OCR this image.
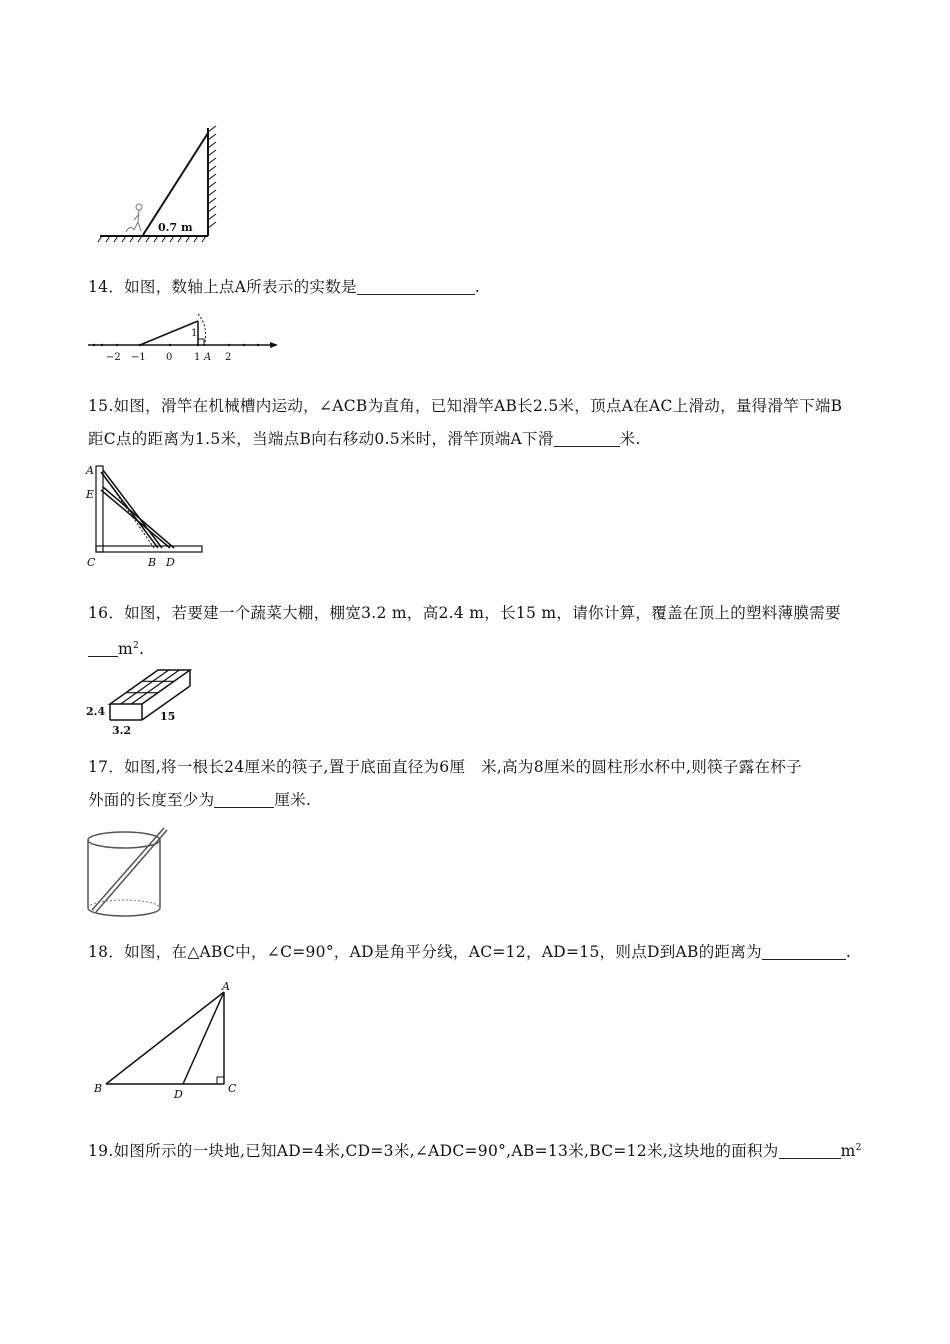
0.7 m

14．如图，数轴上点A所表示的实数是	.

1
−2 −1 0 1 A 2

15.如图，滑竿在机械槽内运动，∠ACB为直角，已知滑竿AB长2.5米，顶点A在AC上滑动，量得滑竿下端B

距C点的距离为1.5米，当端点B向右移动0.5米时，滑竿顶端A下滑	米.

A
E
C	B D

16．如图，若要建一个蔬菜大棚，棚宽3.2 m，高2.4 m，长15 m，请你计算，覆盖在顶上的塑料薄膜需要

$m^2$.

2.4
3.2
15

17．如图,将一根长24厘米的筷子,置于底面直径为6厘　米,高为8厘米的圆柱形水杯中,则筷子露在杯子

外面的长度至少为	厘米.

18．如图，在△ABC中，∠C=90°，AD是角平分线，AC=12，AD=15，则点D到AB的距离为	.

A
B	D	C

19.如图所示的一块地,已知AD=4米,CD=3米,∠ADC=90°,AB=13米,BC=12米,这块地的面积为	$m^2$
